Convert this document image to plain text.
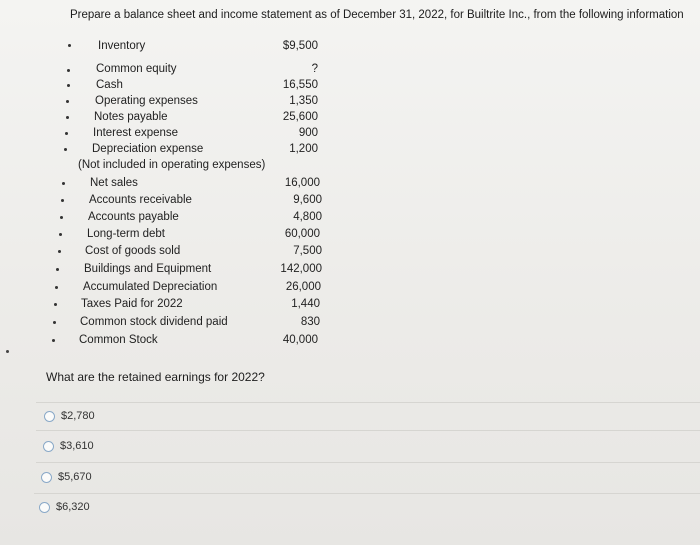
Prepare a balance sheet and income statement as of December 31, 2022, for Builtrite Inc., from the following information
Inventory	$9,500
Common equity	?
Cash	16,550
Operating expenses	1,350
Notes payable	25,600
Interest expense	900
Depreciation expense	1,200
(Not included in operating expenses)
Net sales	16,000
Accounts receivable	9,600
Accounts payable	4,800
Long-term debt	60,000
Cost of goods sold	7,500
Buildings and Equipment	142,000
Accumulated Depreciation	26,000
Taxes Paid for 2022	1,440
Common stock dividend paid	830
Common Stock	40,000
What are the retained earnings for 2022?
$2,780
$3,610
$5,670
$6,320
